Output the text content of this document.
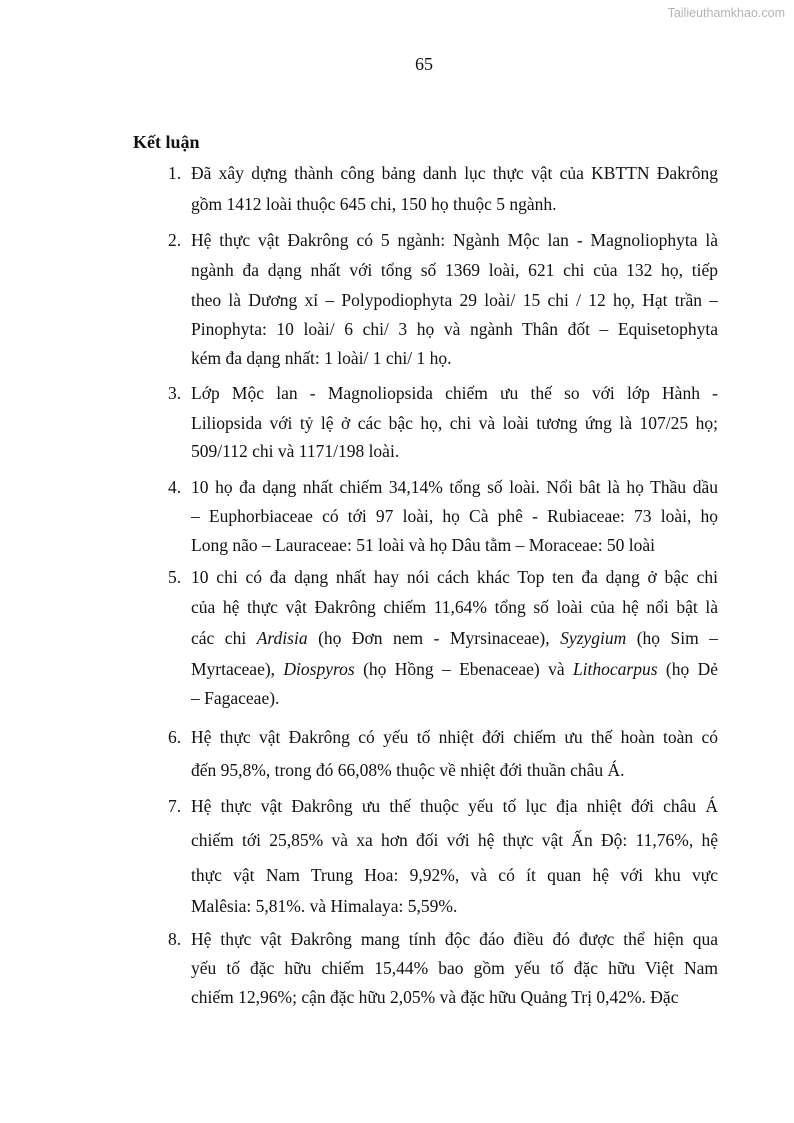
Tailieuthamkhao.com
65
Kết luận
1. Đã xây dựng thành công bảng danh lục thực vật của KBTTN Đakrông
gồm 1412 loài thuộc 645 chi, 150 họ thuộc 5 ngành.
2. Hệ thực vật Đakrông có 5 ngành: Ngành Mộc lan - Magnoliophyta là
ngành đa dạng nhất với tổng số 1369 loài, 621 chi của 132 họ, tiếp
theo là Dương xỉ – Polypodiophyta 29 loài/ 15 chi / 12 họ, Hạt trần –
Pinophyta: 10 loài/ 6 chi/ 3 họ và ngành Thân đốt – Equisetophyta
kém đa dạng nhất: 1 loài/ 1 chi/ 1 họ.
3. Lớp Mộc lan - Magnoliopsida chiếm ưu thế so với lớp Hành -
Liliopsida với tỷ lệ ở các bậc họ, chi và loài tương ứng là 107/25 họ;
509/112 chi và 1171/198 loài.
4. 10 họ đa dạng nhất chiếm 34,14% tổng số loài. Nổi bât là họ Thầu dầu
– Euphorbiaceae có tới 97 loài, họ Cà phê - Rubiaceae: 73 loài, họ
Long não – Lauraceae: 51 loài và họ Dâu tằm – Moraceae: 50 loài
5. 10 chi có đa dạng nhất hay nói cách khác Top ten đa dạng ở bậc chi
của hệ thực vật Đakrông chiếm 11,64% tổng số loài của hệ nổi bật là
các chi Ardisia (họ Đơn nem - Myrsinaceae), Syzygium (họ Sim –
Myrtaceae), Diospyros (họ Hồng – Ebenaceae) và Lithocarpus (họ Dẻ
– Fagaceae).
6. Hệ thực vật Đakrông có yếu tố nhiệt đới chiếm ưu thế hoàn toàn có
đến 95,8%, trong đó 66,08% thuộc về nhiệt đới thuần châu Á.
7. Hệ thực vật Đakrông ưu thế thuộc yếu tố lục địa nhiệt đới châu Á
chiếm tới 25,85% và xa hơn đối với hệ thực vật Ấn Độ: 11,76%, hệ
thực vật Nam Trung Hoa: 9,92%, và có ít quan hệ với khu vực
Malêsia: 5,81%. và Himalaya: 5,59%.
8. Hệ thực vật Đakrông mang tính độc đáo điều đó được thể hiện qua
yếu tố đặc hữu chiếm 15,44% bao gồm yếu tố đặc hữu Việt Nam
chiếm 12,96%; cận đặc hữu 2,05% và đặc hữu Quảng Trị 0,42%. Đặc
